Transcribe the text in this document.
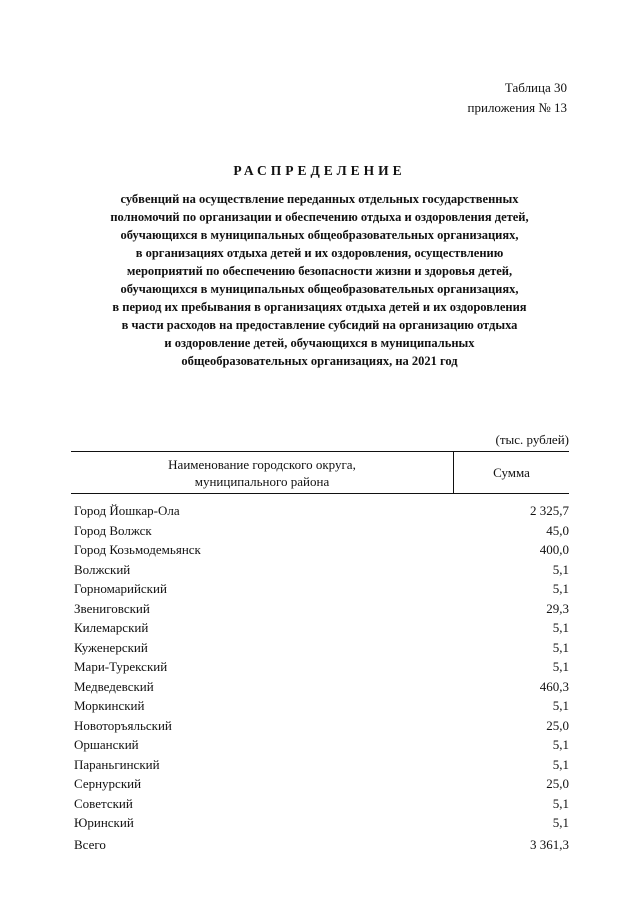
Таблица 30
приложения № 13
РАСПРЕДЕЛЕНИЕ
субвенций на осуществление переданных отдельных государственных
полномочий по организации и обеспечению отдыха и оздоровления детей,
обучающихся в муниципальных общеобразовательных организациях,
в организациях отдыха детей и их оздоровления, осуществлению
мероприятий по обеспечению безопасности жизни и здоровья детей,
обучающихся в муниципальных общеобразовательных организациях,
в период их пребывания в организациях отдыха детей и их оздоровления
в части расходов на предоставление субсидий на организацию отдыха
и оздоровление детей, обучающихся в муниципальных
общеобразовательных организациях, на 2021 год
(тыс. рублей)
Наименование городского округа,
муниципального района
Сумма
Город Йошкар-Ола	2 325,7
Город Волжск	45,0
Город Козьмодемьянск	400,0
Волжский	5,1
Горномарийский	5,1
Звениговский	29,3
Килемарский	5,1
Куженерский	5,1
Мари-Турекский	5,1
Медведевский	460,3
Моркинский	5,1
Новоторъяльский	25,0
Оршанский	5,1
Параньгинский	5,1
Сернурский	25,0
Советский	5,1
Юринский	5,1
Всего	3 361,3
